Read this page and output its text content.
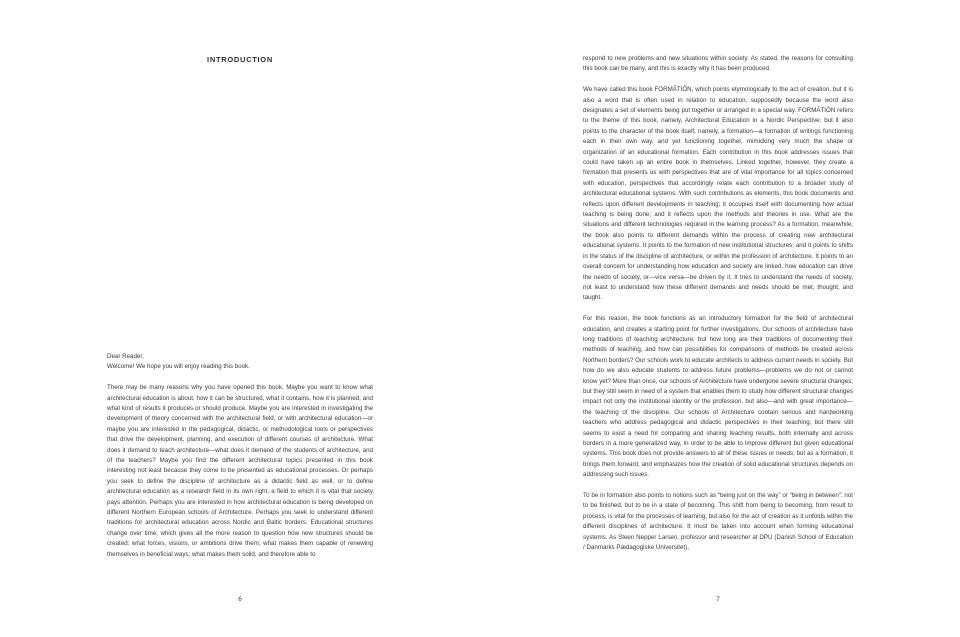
INTRODUCTION

Dear Reader,
Welcome! We hope you will enjoy reading this book.

There may be many reasons why you have opened this book. Maybe you want to know what architectural education is about, how it can be structured, what it contains, how it is planned, and what kind of results it produces or should produce. Maybe you are interested in investigating the development of theory concerned with the architectural field, or with architectural education—or maybe you are interested in the pedagogical, didactic, or methodological tools or perspectives that drive the development, planning, and execution of different courses of architecture. What does it demand to teach architecture—what does it demand of the students of architecture, and of the teachers? Maybe you find the different architectural topics presented in this book interesting not least because they come to be presented as educational processes. Or perhaps you seek to define the discipline of architecture as a didactic field as well, or to define architectural education as a research field in its own right, a field to which it is vital that society pays attention. Perhaps you are interested in how architectural education is being developed on different Northern European schools of Architecture. Perhaps you seek to understand different traditions for architectural education across Nordic and Baltic borders. Educational structures change over time, which gives all the more reason to question how new structures should be created: what forces, visions, or ambitions drive them; what makes them capable of renewing themselves in beneficial ways; what makes them solid, and therefore able to

6

respond to new problems and new situations within society. As stated, the reasons for consulting this book can be many, and this is exactly why it has been produced.

We have called this book FORMĀTIŌN, which points etymologically to the act of creation, but it is also a word that is often used in relation to education, supposedly because the word also designates a set of elements being put together or arranged in a special way. FORMĀTIŌN refers to the theme of this book, namely, Architectural Education in a Nordic Perspective; but it also points to the character of the book itself, namely, a formation—a formation of writings functioning each in their own way, and yet functioning together, mimicking very much the shape or organization of an educational formation. Each contribution in this book addresses issues that could have taken up an entire book in themselves. Linked together, however, they create a formation that presents us with perspectives that are of vital importance for all topics concerned with education, perspectives that accordingly relate each contribution to a broader study of architectural educational systems. With such contributions as elements, this book documents and reflects upon different developments in teaching; it occupies itself with documenting how actual teaching is being done; and it reflects upon the methods and theories in use. What are the situations and different technologies required in the learning process? As a formation, meanwhile, the book also points to different demands within the process of creating new architectural educational systems. It points to the formation of new institutional structures; and it points to shifts in the status of the discipline of architecture, or within the profession of architecture. It points to an overall concern for understanding how education and society are linked, how education can drive the needs of society, or—vice versa—be driven by it. It tries to understand the needs of society, not least to understand how these different demands and needs should be met, thought, and taught.

For this reason, the book functions as an introductory formation for the field of architectural education, and creates a starting point for further investigations. Our schools of architecture have long traditions of teaching architecture; but how long are their traditions of documenting their methods of teaching, and how can possibilities for comparisons of methods be created across Northern borders? Our schools work to educate architects to address current needs in society. But how do we also educate students to address future problems—problems we do not or cannot know yet? More than once, our schools of Architecture have undergone severe structural changes; but they still seem in need of a system that enables them to study how different structural changes impact not only the institutional identity or the profession, but also—and with great importance—the teaching of the discipline. Our schools of Architecture contain serious and hardworking teachers who address pedagogical and didactic perspectives in their teaching; but there still seems to exist a need for comparing and sharing teaching results, both internally and across borders in a more generalized way, in order to be able to improve different but given educational systems. This book does not provide answers to all of these issues or needs; but as a formation, it brings them forward, and emphasizes how the creation of solid educational structures depends on addressing such issues.

To be in formation also points to notions such as “being just on the way” or “being in between”: not to be finished, but to be in a state of becoming. This shift from being to becoming, from result to process, is vital for the processes of learning, but also for the act of creation as it unfolds within the different disciplines of architecture. It must be taken into account when forming educational systems. As Steen Nepper Larsen, professor and researcher at DPU (Danish School of Education / Danmarks Pædagogiske Universitet),

7
